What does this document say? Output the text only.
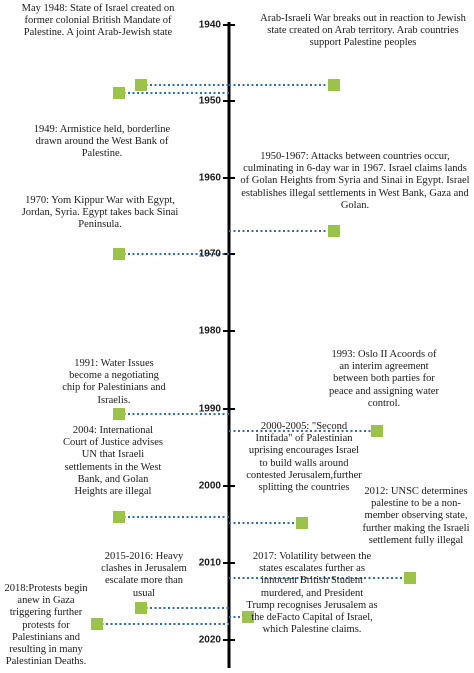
1940
1950
1960
1970
1980
1990
2000
2010
2020
May 1948: State of Israel created on former colonial British Mandate of Palestine. A joint Arab-Jewish state
Arab-Israeli War breaks out in reaction to Jewish state created on Arab territory. Arab countries support Palestine peoples
1949: Armistice held, borderline drawn around the West Bank of Palestine.	1950-1967: Attacks between countries occur, culminating in 6-day war in 1967. Israel claims lands of Golan Heights from Syria and Sinai in Egypt. Israel establishes illegal settlements in West Bank, Gaza and Golan.
1970: Yom Kippur War with Egypt, Jordan, Syria. Egypt takes back Sinai Peninsula.
1991: Water Issues become a negotiating chip for Palestinians and Israelis.
1993: Oslo II Acoords of an interim agreement between both parties for peace and assigning water control.
2004: International Court of Justice advises UN that Israeli settlements in the West Bank, and Golan Heights are illegal
2000-2005: "Second Intifada" of Palestinian uprising encourages Israel to build walls around contested Jerusalem,further splitting the countries	2012: UNSC determines palestine to be a non-member observing state, further making the Israeli settlement fully illegal
2015-2016: Heavy clashes in Jerusalem escalate more than usual
2017: Volatility between the states escalates further as innocent British Student murdered, and President Trump recognises Jerusalem as the deFacto Capital of Israel, which Palestine claims.
2018:Protests begin anew in Gaza triggering further protests for Palestinians and resulting in many Palestinian Deaths.
